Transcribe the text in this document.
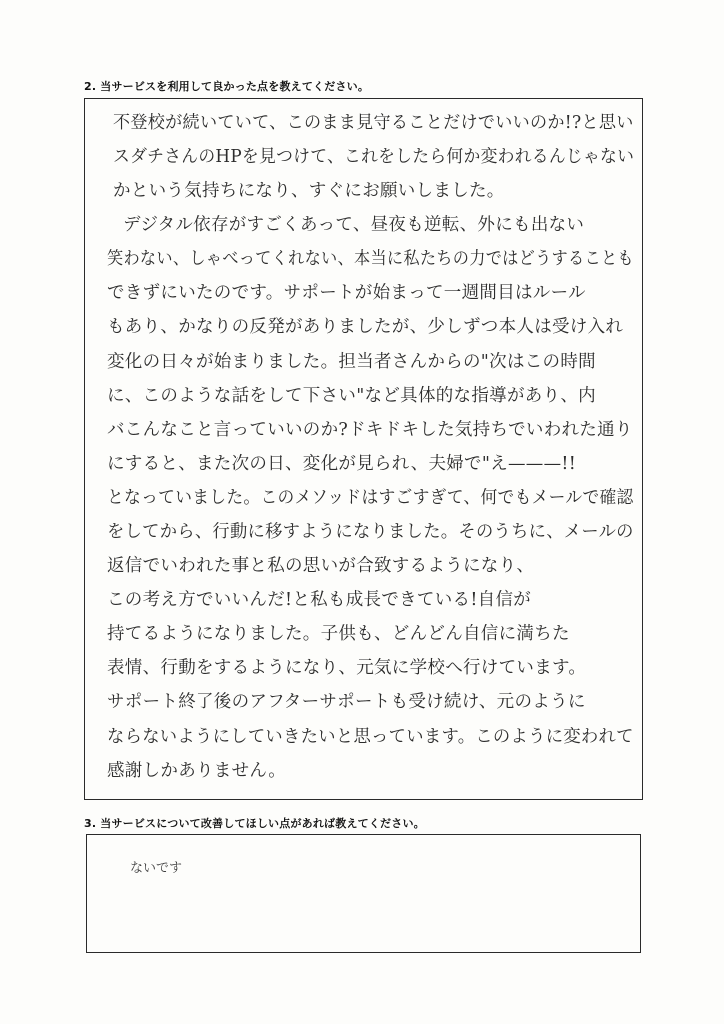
2. 当サービスを利用して良かった点を教えてください。
不登校が続いていて、このまま見守ることだけでいいのか!?と思い
スダチさんのHPを見つけて、これをしたら何か変われるんじゃない
かという気持ちになり、すぐにお願いしました。
デジタル依存がすごくあって、昼夜も逆転、外にも出ない
笑わない、しゃべってくれない、本当に私たちの力ではどうすることも
できずにいたのです。サポートが始まって一週間目はルール
もあり、かなりの反発がありましたが、少しずつ本人は受け入れ
変化の日々が始まりました。担当者さんからの"次はこの時間
に、このような話をして下さい"など具体的な指導があり、内
バこんなこと言っていいのか?ドキドキした気持ちでいわれた通り
にすると、また次の日、変化が見られ、夫婦で"え———!!
となっていました。このメソッドはすごすぎて、何でもメールで確認
をしてから、行動に移すようになりました。そのうちに、メールの
返信でいわれた事と私の思いが合致するようになり、
この考え方でいいんだ!と私も成長できている!自信が
持てるようになりました。子供も、どんどん自信に満ちた
表情、行動をするようになり、元気に学校へ行けています。
サポート終了後のアフターサポートも受け続け、元のように
ならないようにしていきたいと思っています。このように変われて
感謝しかありません。
3. 当サービスについて改善してほしい点があれば教えてください。
ないです
